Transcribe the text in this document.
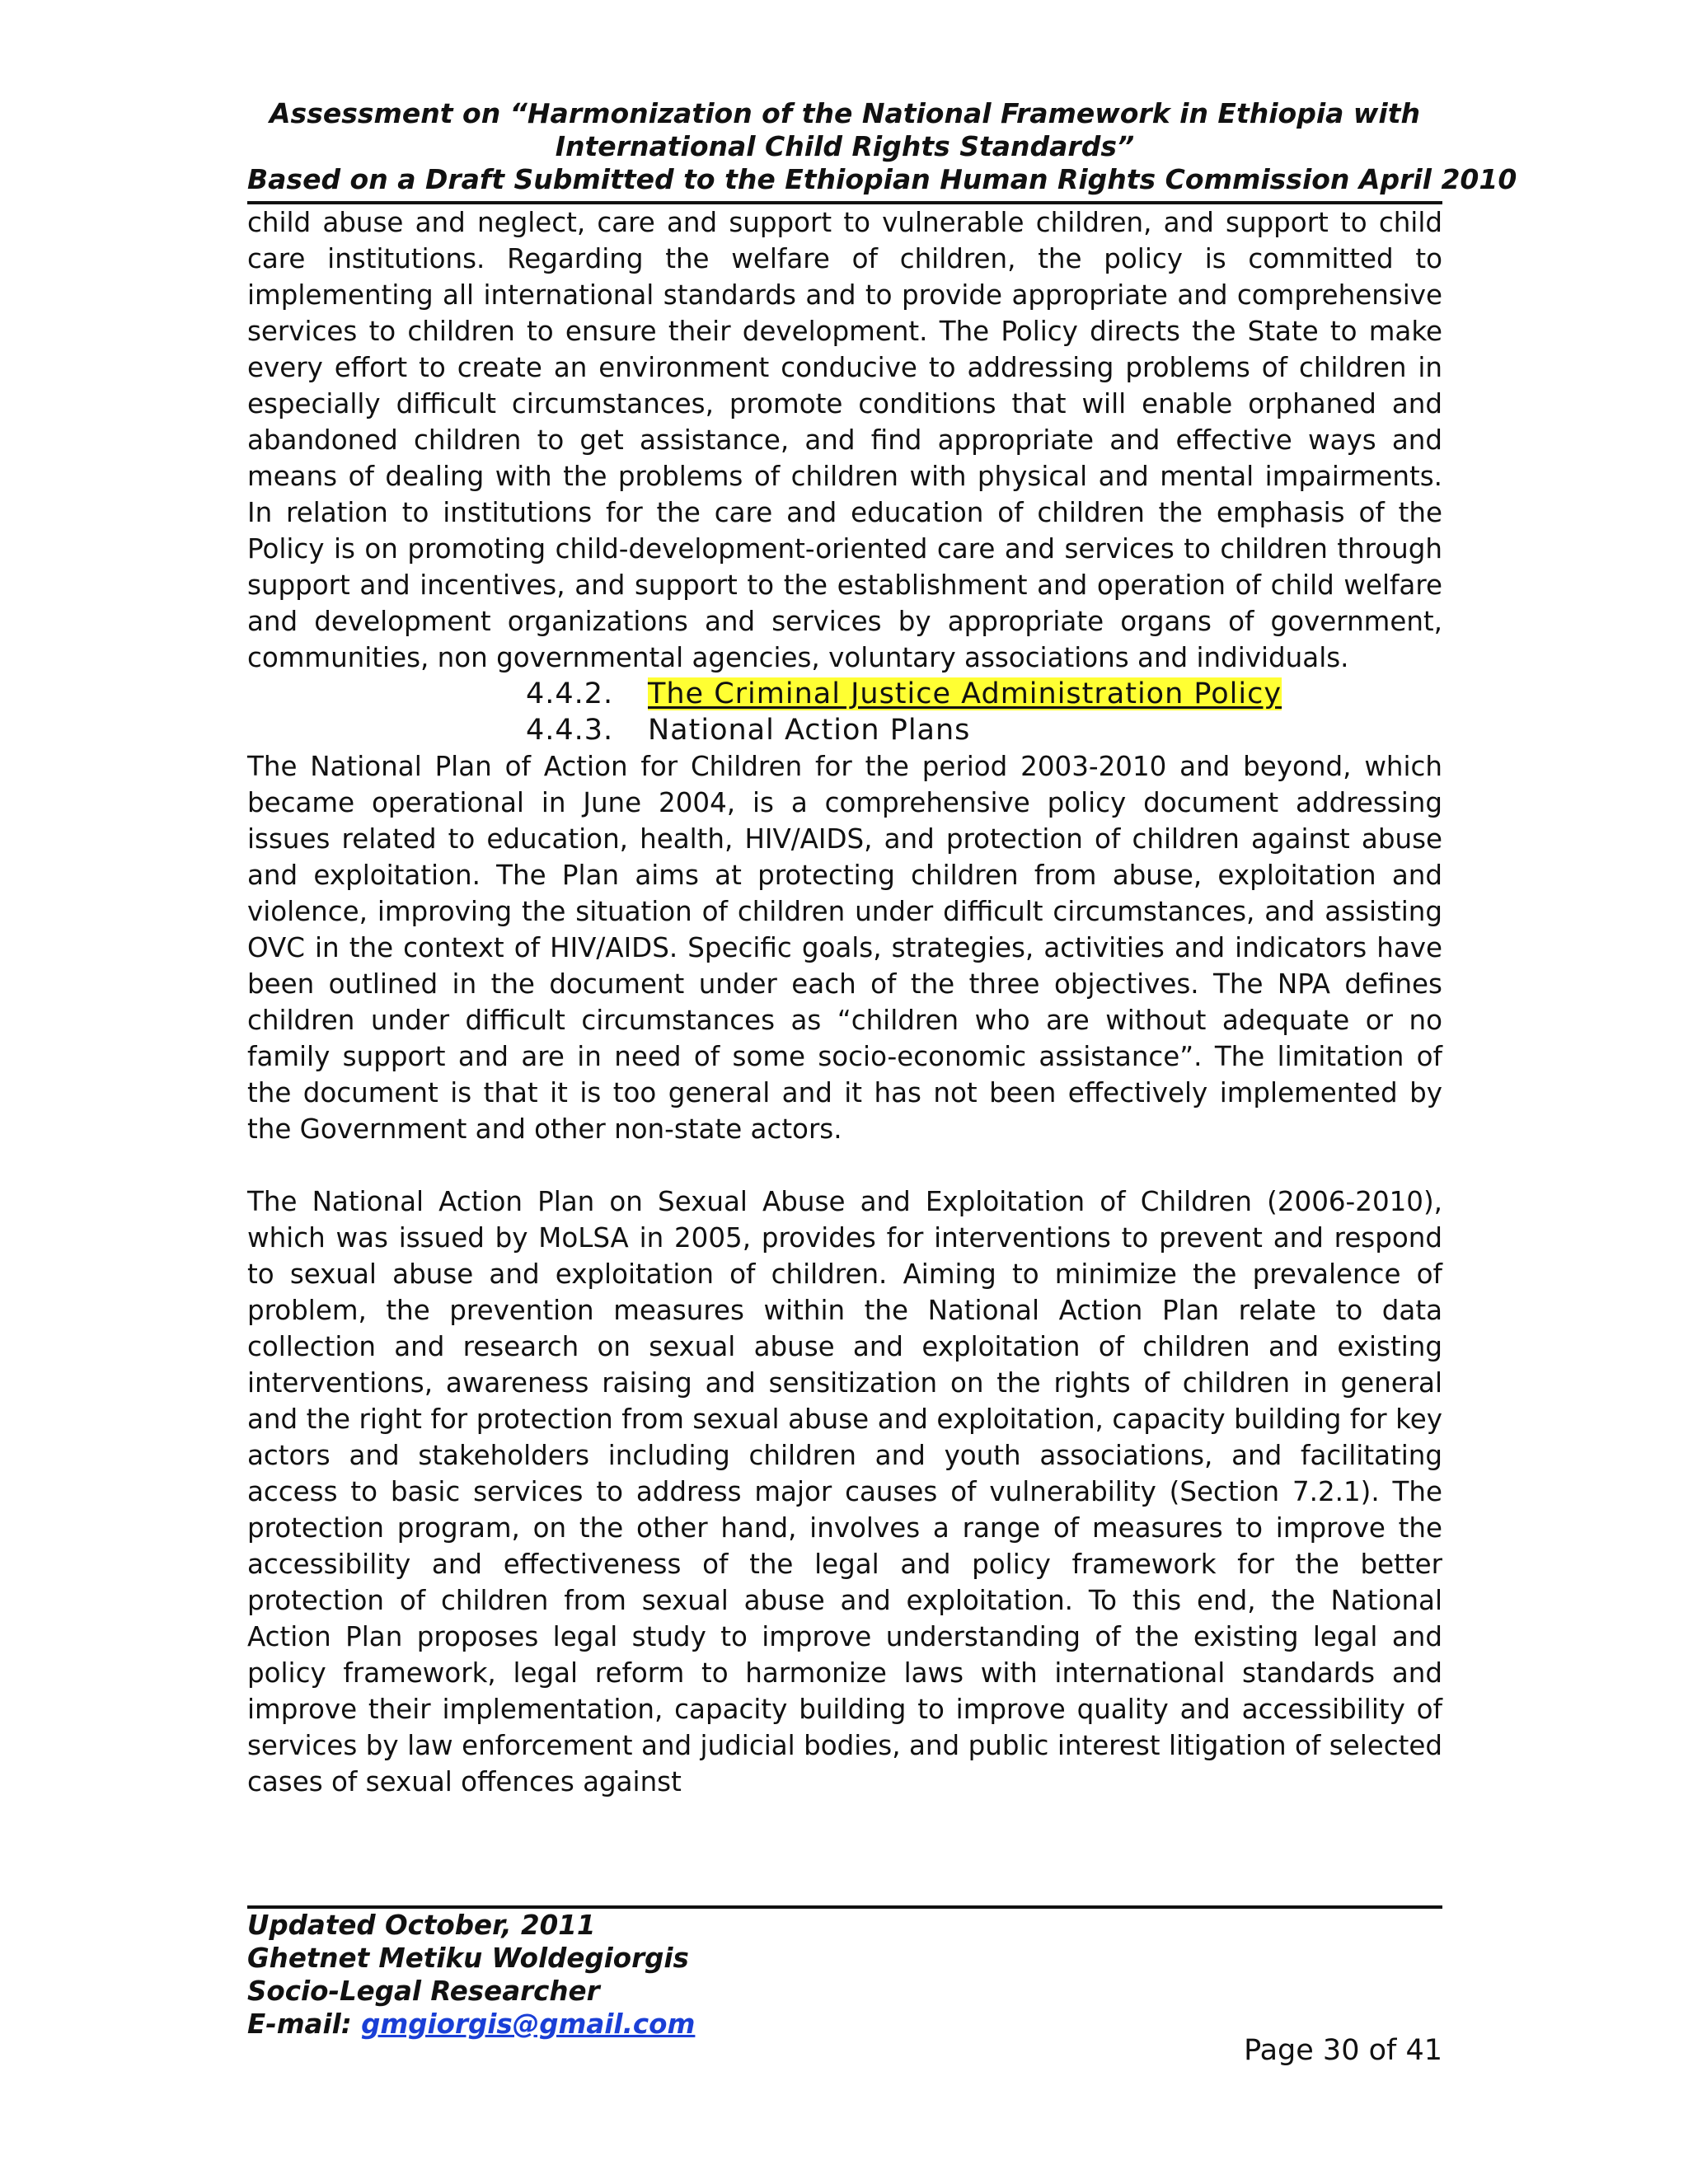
Assessment on “Harmonization of the National Framework in Ethiopia with
International Child Rights Standards”
Based on a Draft Submitted to the Ethiopian Human Rights Commission April 2010

child abuse and neglect, care and support to vulnerable children, and support to child care institutions. Regarding the welfare of children, the policy is committed to implementing all international standards and to provide appropriate and comprehensive services to children to ensure their development. The Policy directs the State to make every effort to create an environment conducive to addressing problems of children in especially difficult circumstances, promote conditions that will enable orphaned and abandoned children to get assistance, and find appropriate and effective ways and means of dealing with the problems of children with physical and mental impairments. In relation to institutions for the care and education of children the emphasis of the Policy is on promoting child-development-oriented care and services to children through support and incentives, and support to the establishment and operation of child welfare and development organizations and services by appropriate organs of government, communities, non governmental agencies, voluntary associations and individuals.

4.4.2. The Criminal Justice Administration Policy

4.4.3. National Action Plans

The National Plan of Action for Children for the period 2003-2010 and beyond, which became operational in June 2004, is a comprehensive policy document addressing issues related to education, health, HIV/AIDS, and protection of children against abuse and exploitation. The Plan aims at protecting children from abuse, exploitation and violence, improving the situation of children under difficult circumstances, and assisting OVC in the context of HIV/AIDS. Specific goals, strategies, activities and indicators have been outlined in the document under each of the three objectives. The NPA defines children under difficult circumstances as “children who are without adequate or no family support and are in need of some socio-economic assistance”. The limitation of the document is that it is too general and it has not been effectively implemented by the Government and other non-state actors.

The National Action Plan on Sexual Abuse and Exploitation of Children (2006-2010), which was issued by MoLSA in 2005, provides for interventions to prevent and respond to sexual abuse and exploitation of children. Aiming to minimize the prevalence of problem, the prevention measures within the National Action Plan relate to data collection and research on sexual abuse and exploitation of children and existing interventions, awareness raising and sensitization on the rights of children in general and the right for protection from sexual abuse and exploitation, capacity building for key actors and stakeholders including children and youth associations, and facilitating access to basic services to address major causes of vulnerability (Section 7.2.1). The protection program, on the other hand, involves a range of measures to improve the accessibility and effectiveness of the legal and policy framework for the better protection of children from sexual abuse and exploitation. To this end, the National Action Plan proposes legal study to improve understanding of the existing legal and policy framework, legal reform to harmonize laws with international standards and improve their implementation, capacity building to improve quality and accessibility of services by law enforcement and judicial bodies, and public interest litigation of selected cases of sexual offences against

Updated October, 2011
Ghetnet Metiku Woldegiorgis
Socio-Legal Researcher
E-mail: gmgiorgis@gmail.com
Page 30 of 41
